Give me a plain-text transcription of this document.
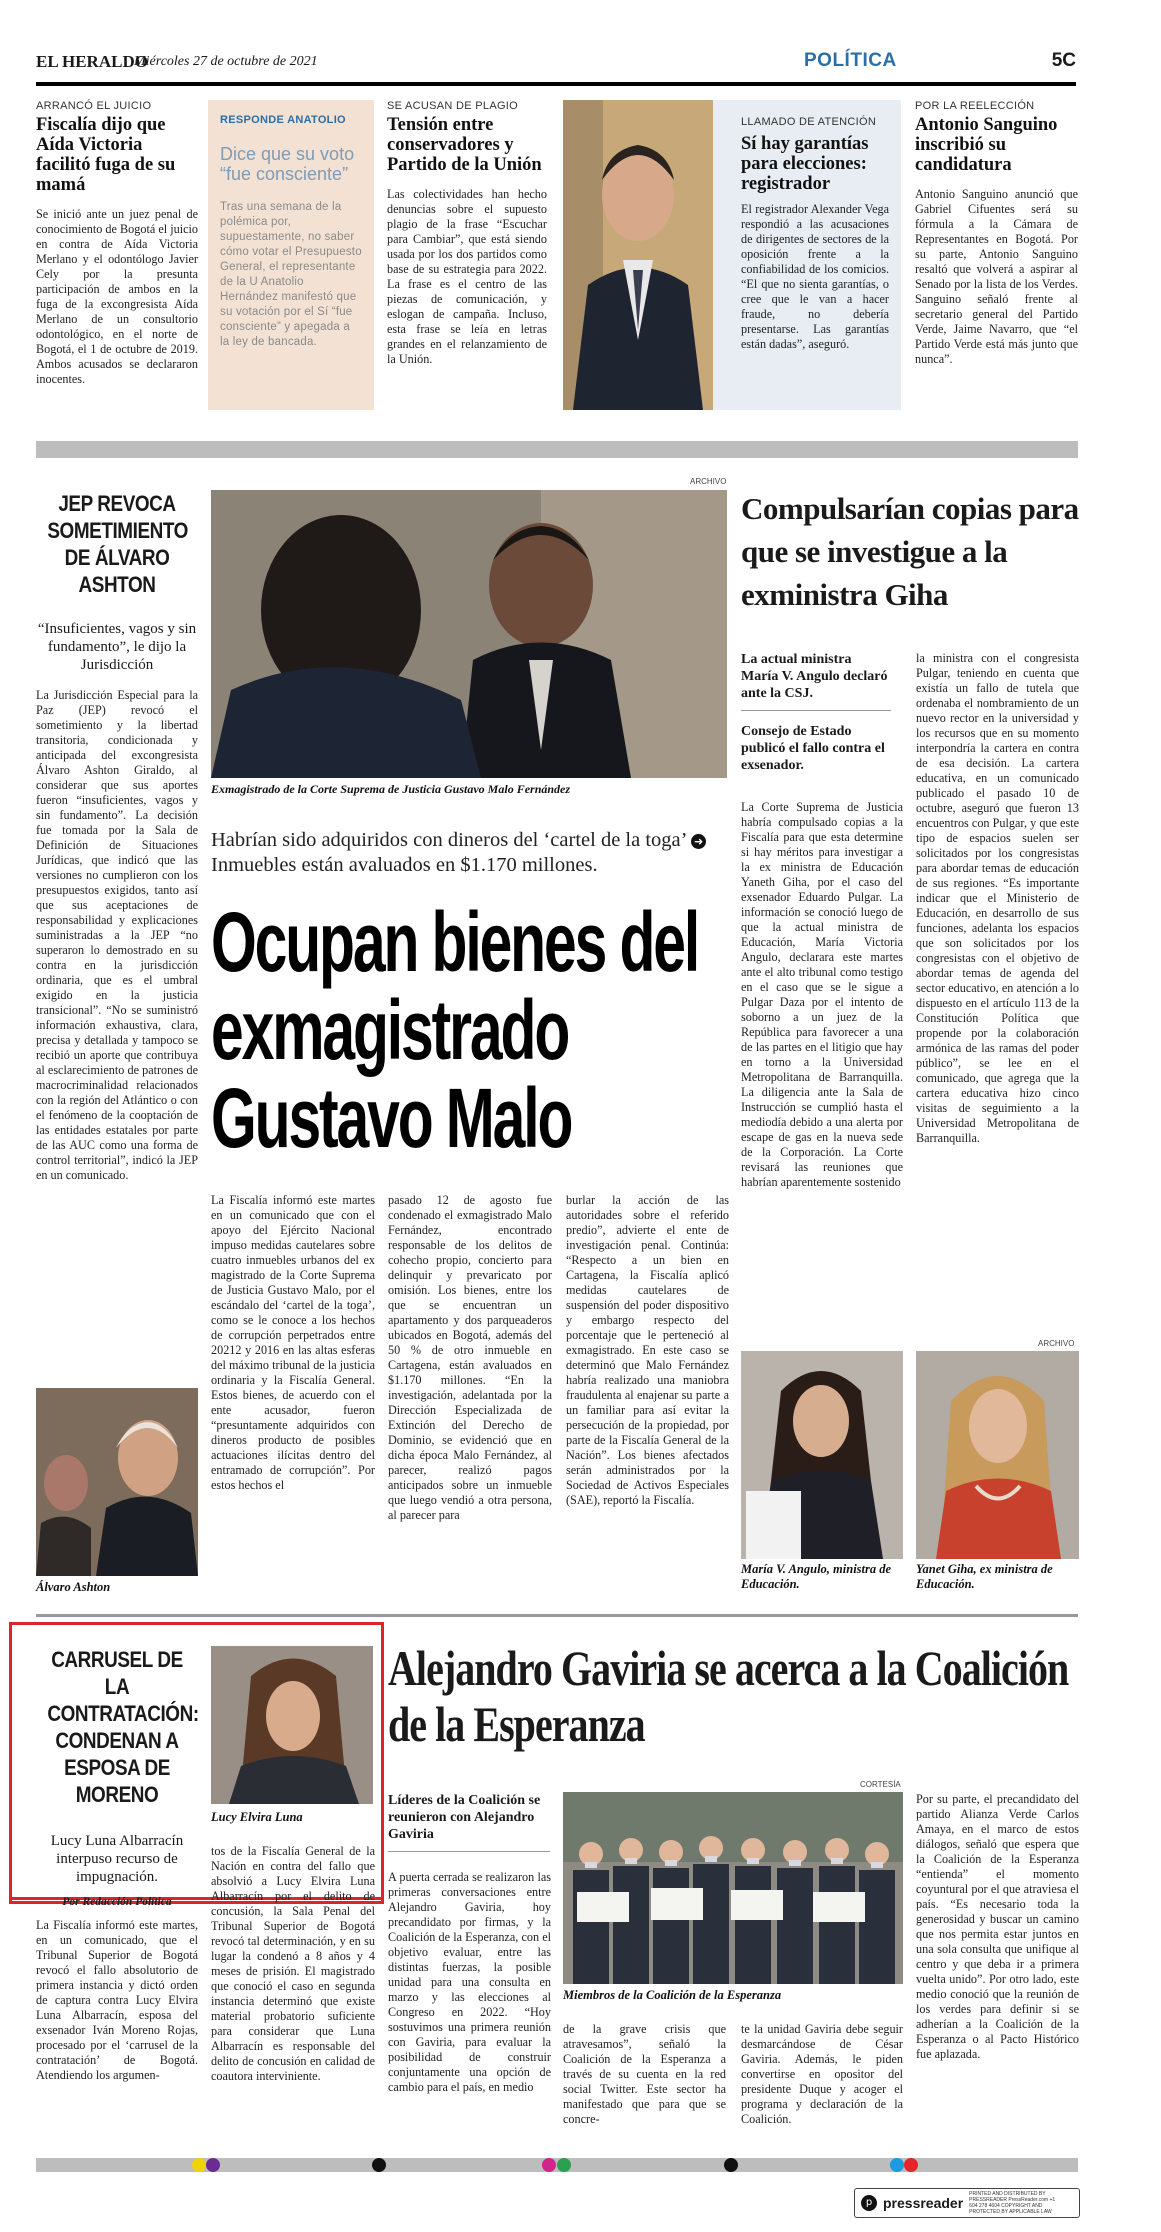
EL HERALDO
Miércoles 27 de octubre de 2021	POLÍTICA	5C
ARRANCÓ EL JUICIO
Fiscalía dijo que Aída Victoria facilitó fuga de su mamá
Se inició ante un juez penal de conocimiento de Bogotá el juicio en contra de Aída Victoria Merlano y el odontólogo Javier Cely por la presunta participación de ambos en la fuga de la excongresista Aída Merlano de un consultorio odontológico, en el norte de Bogotá, el 1 de octubre de 2019. Ambos acusados se declararon inocentes.
RESPONDE ANATOLIO
Dice que su voto “fue consciente”
Tras una semana de la polémica por, supuestamente, no saber cómo votar el Presupuesto General, el representante de la U Anatolio Hernández manifestó que su votación por el Sí “fue consciente” y apegada a la ley de bancada.
SE ACUSAN DE PLAGIO
Tensión entre conservadores y Partido de la Unión
Las colectividades han hecho denuncias sobre el supuesto plagio de la frase “Escuchar para Cambiar”, que está siendo usada por los dos partidos como base de su estrategia para 2022. La frase es el centro de las piezas de comunicación, y eslogan de campaña. Incluso, esta frase se leía en letras grandes en el relanzamiento de la Unión.
LLAMADO DE ATENCIÓN
Sí hay garantías para elecciones: registrador
El registrador Alexander Vega respondió a las acusaciones de dirigentes de sectores de la oposición frente a la confiabilidad de los comicios. “El que no sienta garantías, o cree que le van a hacer fraude, no debería presentarse. Las garantías están dadas”, aseguró.
POR LA REELECCIÓN
Antonio Sanguino inscribió su candidatura
Antonio Sanguino anunció que Gabriel Cifuentes será su fórmula a la Cámara de Representantes en Bogotá. Por su parte, Antonio Sanguino resaltó que volverá a aspirar al Senado por la lista de los Verdes. Sanguino señaló frente al secretario general del Partido Verde, Jaime Navarro, que “el Partido Verde está más junto que nunca”.
JEP REVOCA SOMETIMIENTO DE ÁLVARO ASHTON
“Insuficientes, vagos y sin fundamento”, le dijo la Jurisdicción
La Jurisdicción Especial para la Paz (JEP) revocó el sometimiento y la libertad transitoria, condicionada y anticipada del excongresista Álvaro Ashton Giraldo, al considerar que sus aportes fueron “insuficientes, vagos y sin fundamento”. La decisión fue tomada por la Sala de Definición de Situaciones Jurídicas, que indicó que las versiones no cumplieron con los presupuestos exigidos, tanto así que sus aceptaciones de responsabilidad y explicaciones suministradas a la JEP “no superaron lo demostrado en su contra en la jurisdicción ordinaria, que es el umbral exigido en la justicia transicional”. “No se suministró información exhaustiva, clara, precisa y detallada y tampoco se recibió un aporte que contribuya al esclarecimiento de patrones de macrocriminalidad relacionados con la región del Atlántico o con el fenómeno de la cooptación de las entidades estatales por parte de las AUC como una forma de control territorial”, indicó la JEP en un comunicado.
Álvaro Ashton
ARCHIVO
Exmagistrado de la Corte Suprema de Justicia Gustavo Malo Fernández
Habrían sido adquiridos con dineros del ‘cartel de la toga’ ➜ Inmuebles están avaluados en $1.170 millones.
Ocupan bienes del exmagistrado Gustavo Malo
La Fiscalía informó este martes en un comunicado que con el apoyo del Ejército Nacional impuso medidas cautelares sobre cuatro inmuebles urbanos del ex magistrado de la Corte Suprema de Justicia Gustavo Malo, por el escándalo del ‘cartel de la toga’, como se le conoce a los hechos de corrupción perpetrados entre 20212 y 2016 en las altas esferas del máximo tribunal de la justicia ordinaria y la Fiscalía General. Estos bienes, de acuerdo con el ente acusador, fueron “presuntamente adquiridos con dineros producto de posibles actuaciones ilícitas dentro del entramado de corrupción”. Por estos hechos el
pasado 12 de agosto fue condenado el exmagistrado Malo Fernández, encontrado responsable de los delitos de cohecho propio, concierto para delinquir y prevaricato por omisión. Los bienes, entre los que se encuentran un apartamento y dos parqueaderos ubicados en Bogotá, además del 50 % de otro inmueble en Cartagena, están avaluados en $1.170 millones. “En la investigación, adelantada por la Dirección Especializada de Extinción del Derecho de Dominio, se evidenció que en dicha época Malo Fernández, al parecer, realizó pagos anticipados sobre un inmueble que luego vendió a otra persona, al parecer para
burlar la acción de las autoridades sobre el referido predio”, advierte el ente de investigación penal. Continúa: “Respecto a un bien en Cartagena, la Fiscalía aplicó medidas cautelares de suspensión del poder dispositivo y embargo respecto del porcentaje que le perteneció al exmagistrado. En este caso se determinó que Malo Fernández habría realizado una maniobra fraudulenta al enajenar su parte a un familiar para así evitar la persecución de la propiedad, por parte de la Fiscalía General de la Nación”. Los bienes afectados serán administrados por la Sociedad de Activos Especiales (SAE), reportó la Fiscalía.
Compulsarían copias para que se investigue a la exministra Giha
La actual ministra María V. Angulo declaró ante la CSJ.
Consejo de Estado publicó el fallo contra el exsenador.
La Corte Suprema de Justicia habría compulsado copias a la Fiscalía para que esta determine si hay méritos para investigar a la ex ministra de Educación Yaneth Giha, por el caso del exsenador Eduardo Pulgar. La información se conoció luego de que la actual ministra de Educación, María Victoria Angulo, declarara este martes ante el alto tribunal como testigo en el caso que se le sigue a Pulgar Daza por el intento de soborno a un juez de la República para favorecer a una de las partes en el litigio que hay en torno a la Universidad Metropolitana de Barranquilla. La diligencia ante la Sala de Instrucción se cumplió hasta el mediodía debido a una alerta por escape de gas en la nueva sede de la Corporación. La Corte revisará las reuniones que habrían aparentemente sostenido
la ministra con el congresista Pulgar, teniendo en cuenta que existía un fallo de tutela que ordenaba el nombramiento de un nuevo rector en la universidad y los recursos que en su momento interpondría la cartera en contra de esa decisión. La cartera educativa, en un comunicado publicado el pasado 10 de octubre, aseguró que fueron 13 encuentros con Pulgar, y que este tipo de espacios suelen ser solicitados por los congresistas para abordar temas de educación de sus regiones. “Es importante indicar que el Ministerio de Educación, en desarrollo de sus funciones, adelanta los espacios que son solicitados por los congresistas con el objetivo de abordar temas de agenda del sector educativo, en atención a lo dispuesto en el artículo 113 de la Constitución Política que propende por la colaboración armónica de las ramas del poder público”, se lee en el comunicado, que agrega que la cartera educativa hizo cinco visitas de seguimiento a la Universidad Metropolitana de Barranquilla.
ARCHIVO
María V. Angulo, ministra de Educación.
Yanet Giha, ex ministra de Educación.
CARRUSEL DE LA CONTRATACIÓN: CONDENAN A ESPOSA DE MORENO
Lucy Luna Albarracín interpuso recurso de impugnación.
Por Redacción Política
La Fiscalía informó este martes, en un comunicado, que el Tribunal Superior de Bogotá revocó el fallo absolutorio de primera instancia y dictó orden de captura contra Lucy Elvira Luna Albarracín, esposa del exsenador Iván Moreno Rojas, procesado por el ‘carrusel de la contratación’ de Bogotá. Atendiendo los argumen-
Lucy Elvira Luna
tos de la Fiscalía General de la Nación en contra del fallo que absolvió a Lucy Elvira Luna Albarracín por el delito de concusión, la Sala Penal del Tribunal Superior de Bogotá revocó tal determinación, y en su lugar la condenó a 8 años y 4 meses de prisión. El magistrado que conoció el caso en segunda instancia determinó que existe material probatorio suficiente para considerar que Luna Albarracín es responsable del delito de concusión en calidad de coautora interviniente.
Alejandro Gaviria se acerca a la Coalición de la Esperanza
Líderes de la Coalición se reunieron con Alejandro Gaviria
A puerta cerrada se realizaron las primeras conversaciones entre Alejandro Gaviria, hoy precandidato por firmas, y la Coalición de la Esperanza, con el objetivo evaluar, entre las distintas fuerzas, la posible unidad para una consulta en marzo y las elecciones al Congreso en 2022. “Hoy sostuvimos una primera reunión con Gaviria, para evaluar la posibilidad de construir conjuntamente una opción de cambio para el país, en medio
CORTESÍA
Miembros de la Coalición de la Esperanza
de la grave crisis que atravesamos”, señaló la Coalición de la Esperanza a través de su cuenta en la red social Twitter. Este sector ha manifestado que para que se concre-
te la unidad Gaviria debe seguir desmarcándose de César Gaviria. Además, le piden convertirse en opositor del presidente Duque y acoger el programa y declaración de la Coalición.
Por su parte, el precandidato del partido Alianza Verde Carlos Amaya, en el marco de estos diálogos, señaló que espera que la Coalición de la Esperanza “entienda” el momento coyuntural por el que atraviesa el país. “Es necesario toda la generosidad y buscar un camino que nos permita estar juntos en una sola consulta que unifique al centro y que deba ir a primera vuelta unido”. Por otro lado, este medio conoció que la reunión de los verdes para definir si se adherían a la Coalición de la Esperanza o al Pacto Histórico fue aplazada.
p pressreader
PRINTED AND DISTRIBUTED BY PRESSREADER PressReader.com +1 604 278 4604 COPYRIGHT AND PROTECTED BY APPLICABLE LAW
